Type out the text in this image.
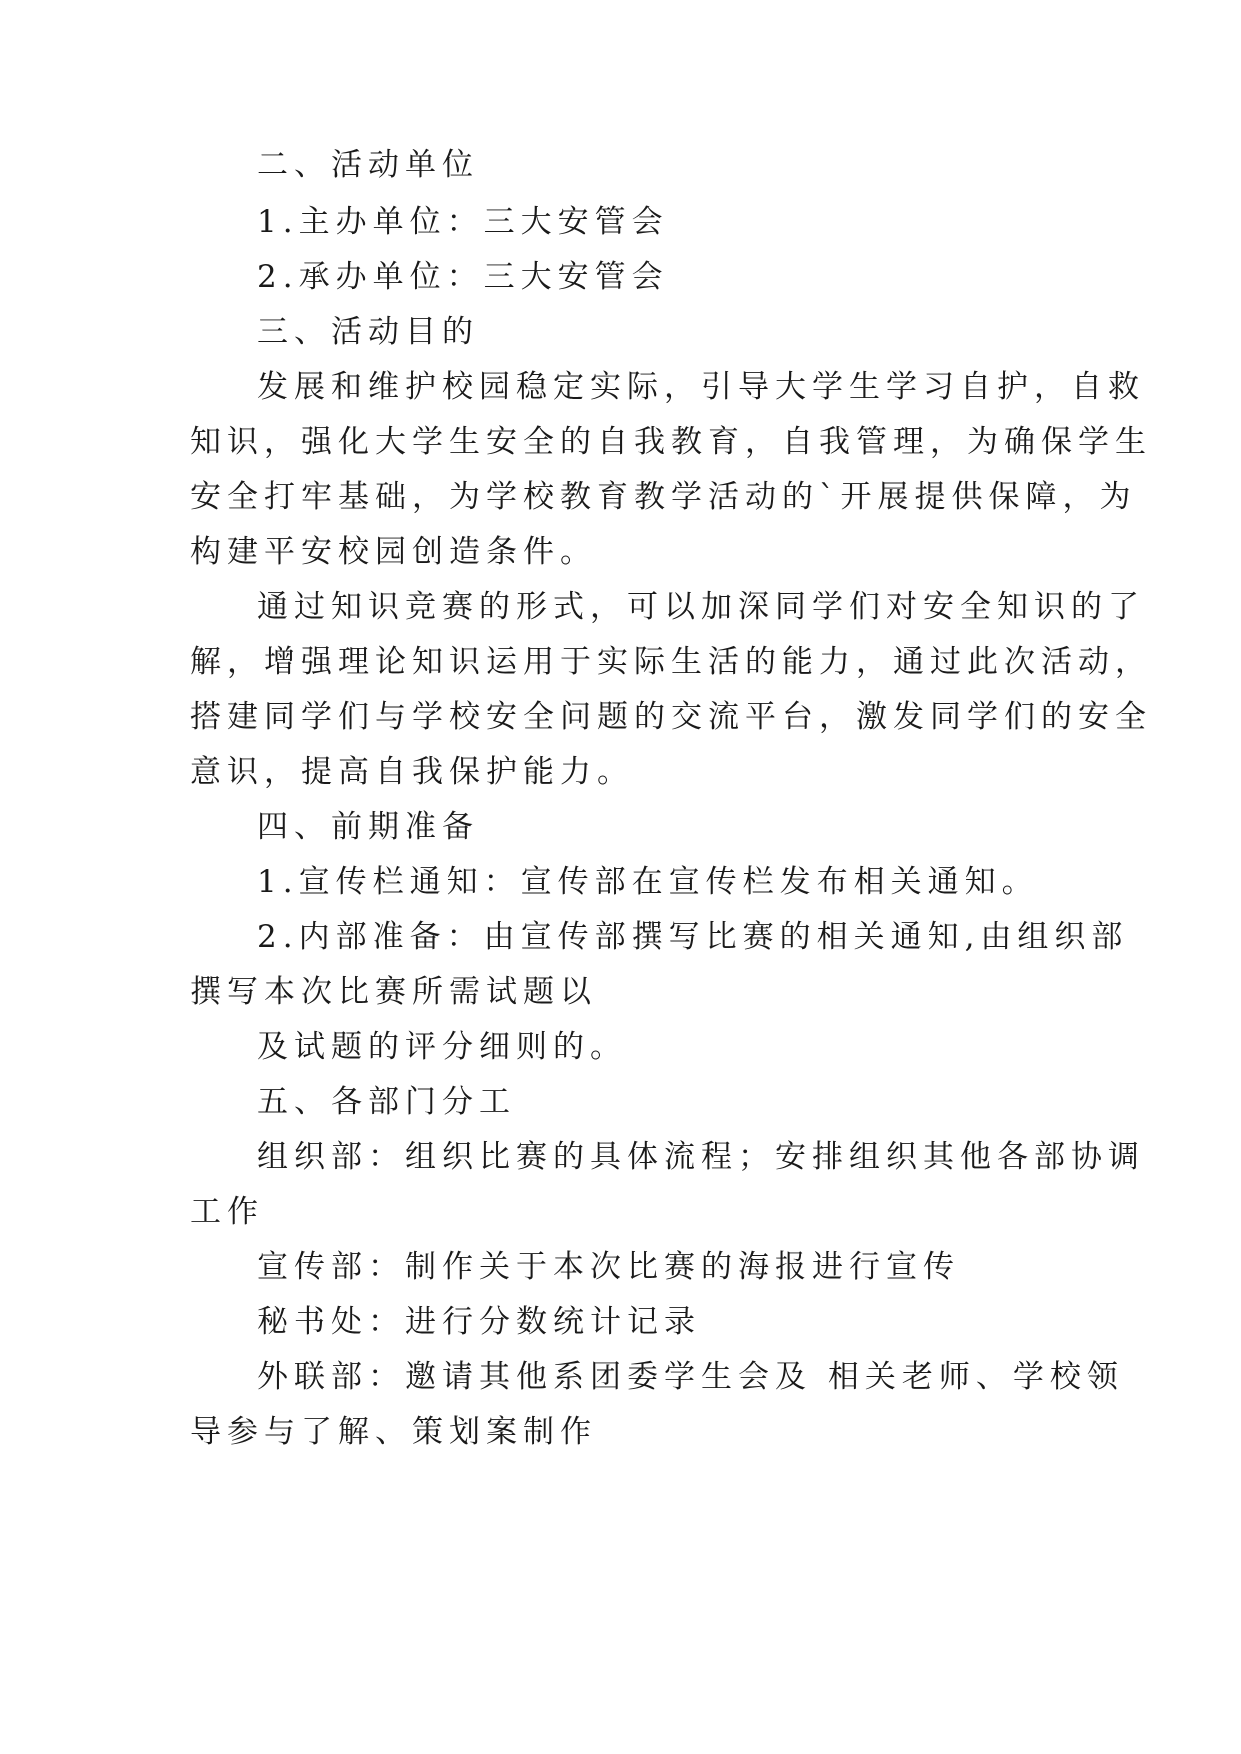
二、活动单位
1.主办单位：三大安管会
2.承办单位：三大安管会
三、活动目的
发展和维护校园稳定实际，引导大学生学习自护，自救
知识，强化大学生安全的自我教育，自我管理，为确保学生
安全打牢基础，为学校教育教学活动的`开展提供保障，为
构建平安校园创造条件。
通过知识竞赛的形式，可以加深同学们对安全知识的了
解，增强理论知识运用于实际生活的能力，通过此次活动，
搭建同学们与学校安全问题的交流平台，激发同学们的安全
意识，提高自我保护能力。
四、前期准备
1.宣传栏通知：宣传部在宣传栏发布相关通知。
2.内部准备：由宣传部撰写比赛的相关通知,由组织部
撰写本次比赛所需试题以
及试题的评分细则的。
五、各部门分工
组织部：组织比赛的具体流程；安排组织其他各部协调
工作
宣传部：制作关于本次比赛的海报进行宣传
秘书处：进行分数统计记录
外联部：邀请其他系团委学生会及 相关老师、学校领
导参与了解、策划案制作
